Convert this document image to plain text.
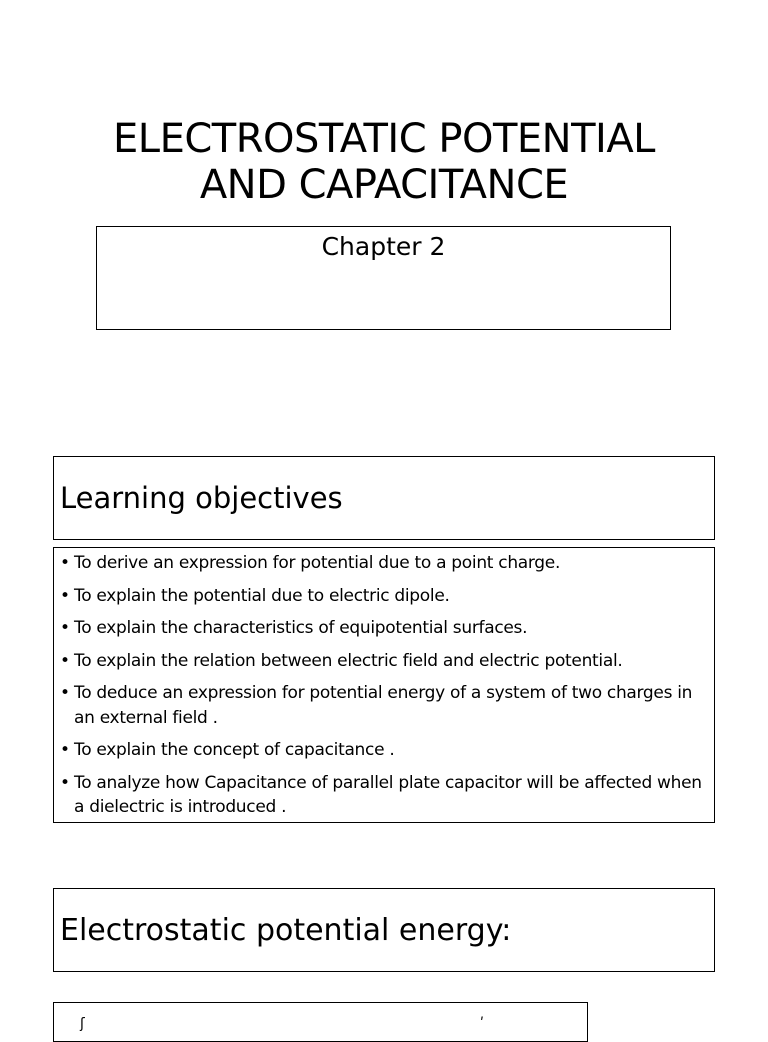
ELECTROSTATIC POTENTIAL
AND CAPACITANCE
Chapter 2
Learning objectives
• To derive an expression for potential due to a point charge.
• To explain the potential due to electric dipole.
• To explain the characteristics of equipotential surfaces.
• To explain the relation between electric field and electric potential.
• To deduce an expression for potential energy of a system of two charges in an external field .
• To explain the concept of capacitance .
• To analyze how Capacitance of parallel plate capacitor will be affected when a dielectric is introduced .
Electrostatic potential energy:
ʃ	ʹ
